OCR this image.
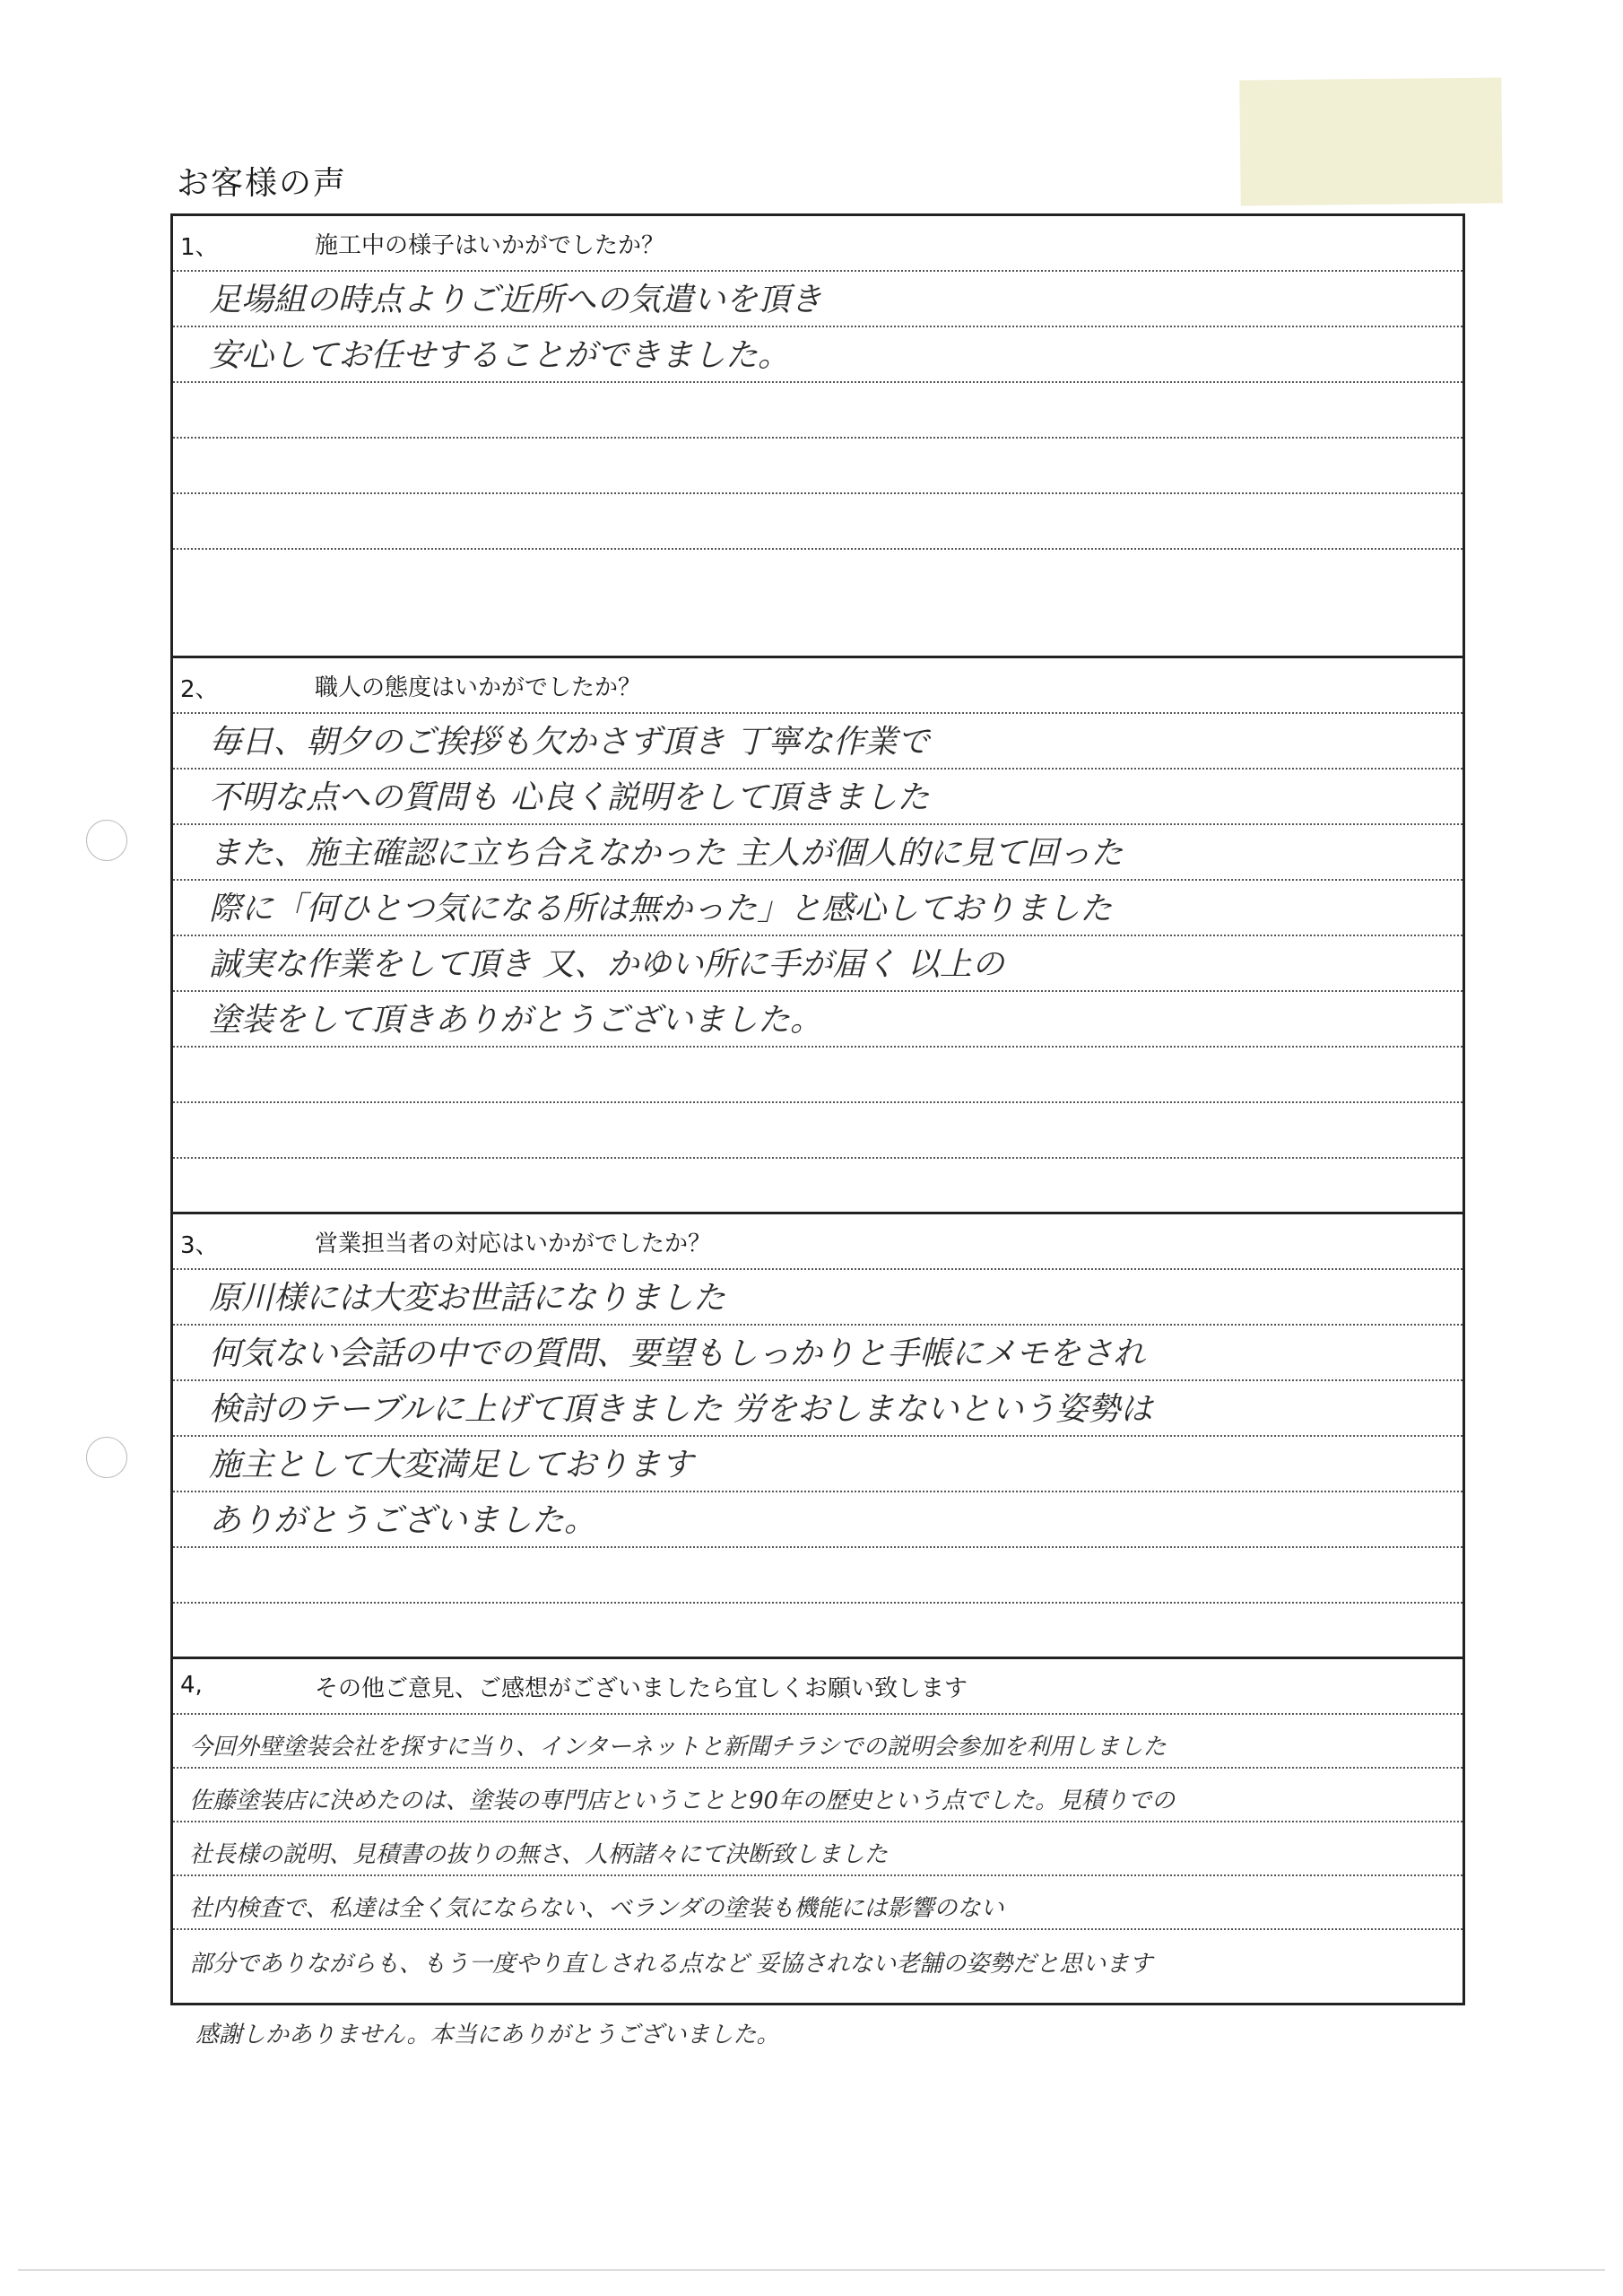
お客様の声
1、	施工中の様子はいかがでしたか？
足場組の時点よりご近所への気遣いを頂き
安心してお任せすることができました。
2、	職人の態度はいかがでしたか？
毎日、朝夕のご挨拶も欠かさず頂き 丁寧な作業で
不明な点への質問も 心良く説明をして頂きました
また、施主確認に立ち合えなかった 主人が個人的に見て回った
際に「何ひとつ気になる所は無かった」と感心しておりました
誠実な作業をして頂き 又、かゆい所に手が届く 以上の
塗装をして頂きありがとうございました。
3、	営業担当者の対応はいかがでしたか？
原川様には大変お世話になりました
何気ない会話の中での質問、要望もしっかりと手帳にメモをされ
検討のテーブルに上げて頂きました 労をおしまないという姿勢は
施主として大変満足しております
ありがとうございました。
4,	その他ご意見、ご感想がございましたら宜しくお願い致します
今回外壁塗装会社を探すに当り、インターネットと新聞チラシでの説明会参加を利用しました
佐藤塗装店に決めたのは、塗装の専門店ということと90年の歴史という点でした。見積りでの
社長様の説明、見積書の抜りの無さ、人柄諸々にて決断致しました
社内検査で、私達は全く気にならない、ベランダの塗装も機能には影響のない
部分でありながらも、もう一度やり直しされる点など 妥協されない老舗の姿勢だと思います
感謝しかありません。本当にありがとうございました。
